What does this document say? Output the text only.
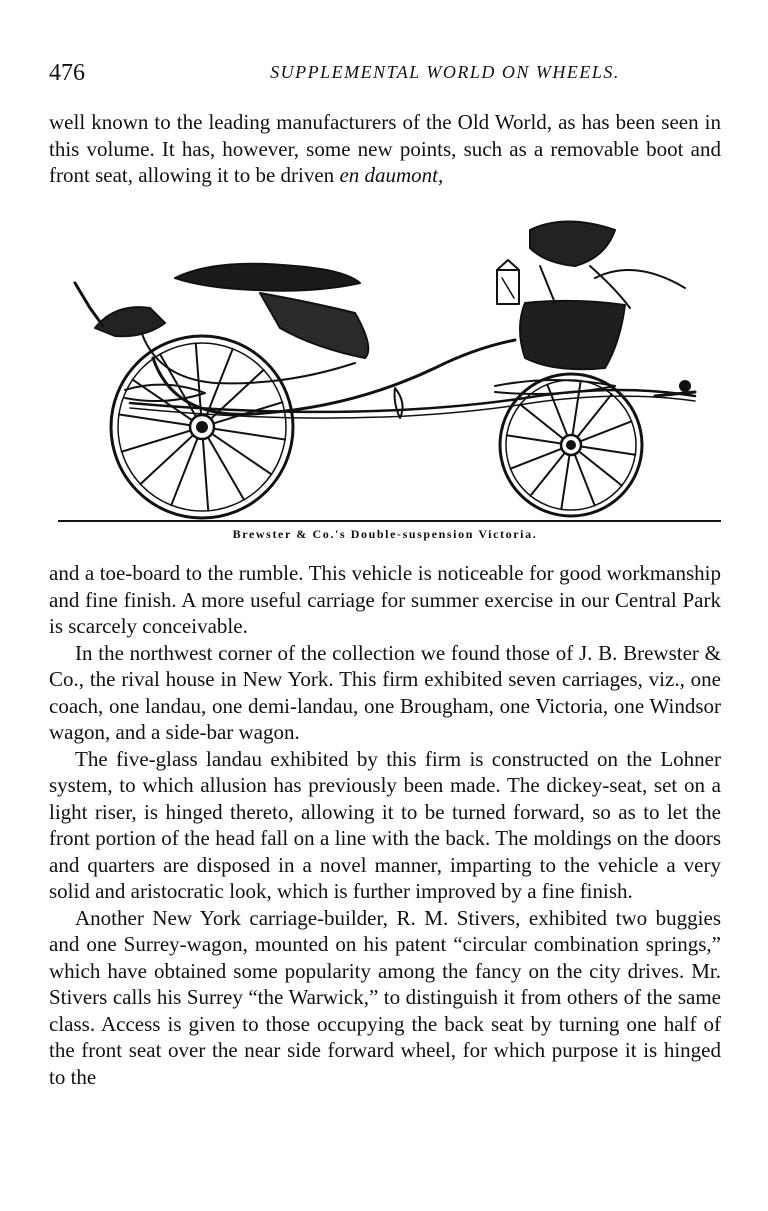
476	SUPPLEMENTAL WORLD ON WHEELS.

well known to the leading manufacturers of the Old World, as has been seen in this volume. It has, however, some new points, such as a removable boot and front seat, allowing it to be driven en daumont,

Brewster & Co.'s Double-suspension Victoria.

and a toe-board to the rumble. This vehicle is noticeable for good workmanship and fine finish. A more useful carriage for summer exercise in our Central Park is scarcely conceivable.

In the northwest corner of the collection we found those of J. B. Brewster & Co., the rival house in New York. This firm exhibited seven carriages, viz., one coach, one landau, one demi-landau, one Brougham, one Victoria, one Windsor wagon, and a side-bar wagon.

The five-glass landau exhibited by this firm is constructed on the Lohner system, to which allusion has previously been made. The dickey-seat, set on a light riser, is hinged thereto, allowing it to be turned forward, so as to let the front portion of the head fall on a line with the back. The moldings on the doors and quarters are disposed in a novel manner, imparting to the vehicle a very solid and aristocratic look, which is further improved by a fine finish.

Another New York carriage-builder, R. M. Stivers, exhibited two buggies and one Surrey-wagon, mounted on his patent “circular combination springs,” which have obtained some popularity among the fancy on the city drives. Mr. Stivers calls his Surrey “the Warwick,” to distinguish it from others of the same class. Access is given to those occupying the back seat by turning one half of the front seat over the near side forward wheel, for which purpose it is hinged to the
